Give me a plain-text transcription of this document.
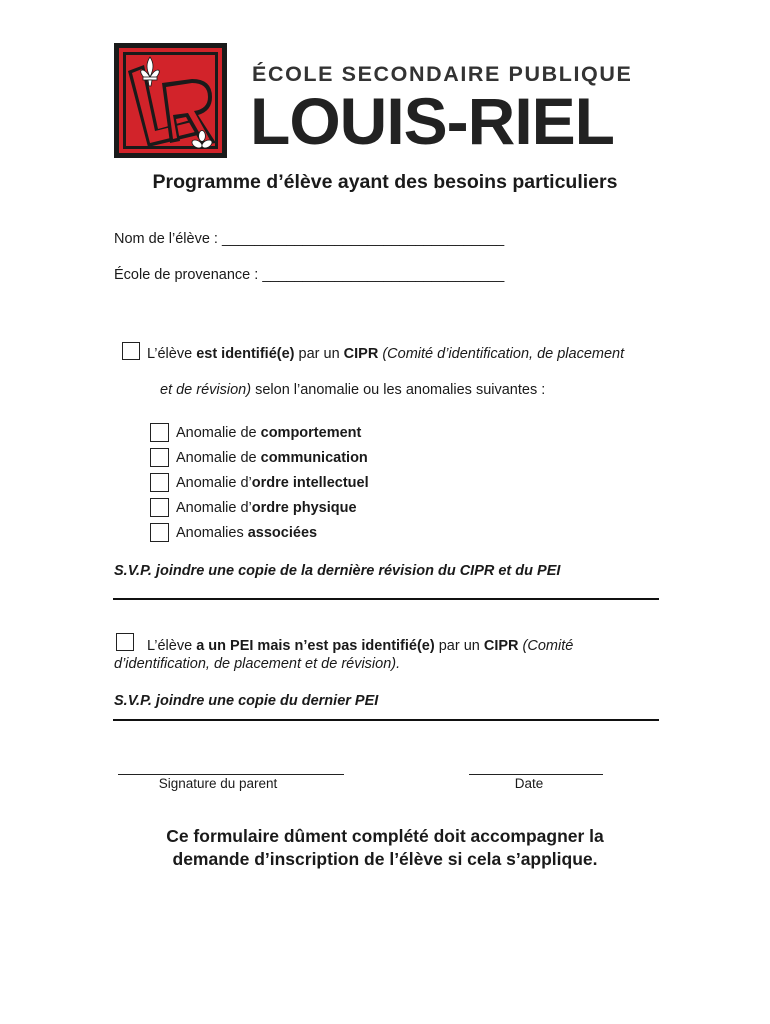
ÉCOLE SECONDAIRE PUBLIQUE
LOUIS-RIEL
Programme d’élève ayant des besoins particuliers
Nom de l’élève : ___________________________________
École de provenance : ______________________________
L’élève est identifié(e) par un CIPR (Comité d’identification, de placement
et de révision) selon l’anomalie ou les anomalies suivantes :
Anomalie de comportement
Anomalie de communication
Anomalie d’ordre intellectuel
Anomalie d’ordre physique
Anomalies associées
S.V.P. joindre une copie de la dernière révision du CIPR et du PEI
L’élève a un PEI mais n’est pas identifié(e) par un CIPR (Comité
d’identification, de placement et de révision).
S.V.P. joindre une copie du dernier PEI
Signature du parent	Date
Ce formulaire dûment complété doit accompagner la
demande d’inscription de l’élève si cela s’applique.
